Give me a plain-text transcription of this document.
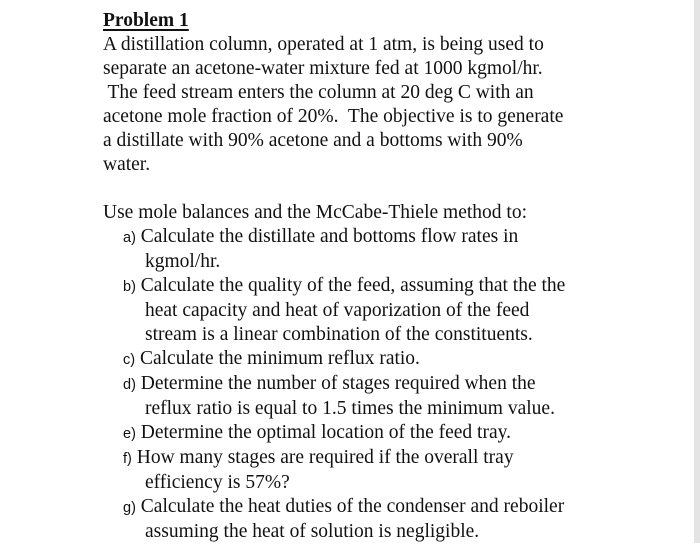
Problem 1
A distillation column, operated at 1 atm, is being used to
separate an acetone-water mixture fed at 1000 kgmol/hr.
The feed stream enters the column at 20 deg C with an
acetone mole fraction of 20%.  The objective is to generate
a distillate with 90% acetone and a bottoms with 90%
water.
Use mole balances and the McCabe-Thiele method to:
a) Calculate the distillate and bottoms flow rates in
kgmol/hr.
b) Calculate the quality of the feed, assuming that the the
heat capacity and heat of vaporization of the feed
stream is a linear combination of the constituents.
c) Calculate the minimum reflux ratio.
d) Determine the number of stages required when the
reflux ratio is equal to 1.5 times the minimum value.
e) Determine the optimal location of the feed tray.
f) How many stages are required if the overall tray
efficiency is 57%?
g) Calculate the heat duties of the condenser and reboiler
assuming the heat of solution is negligible.
